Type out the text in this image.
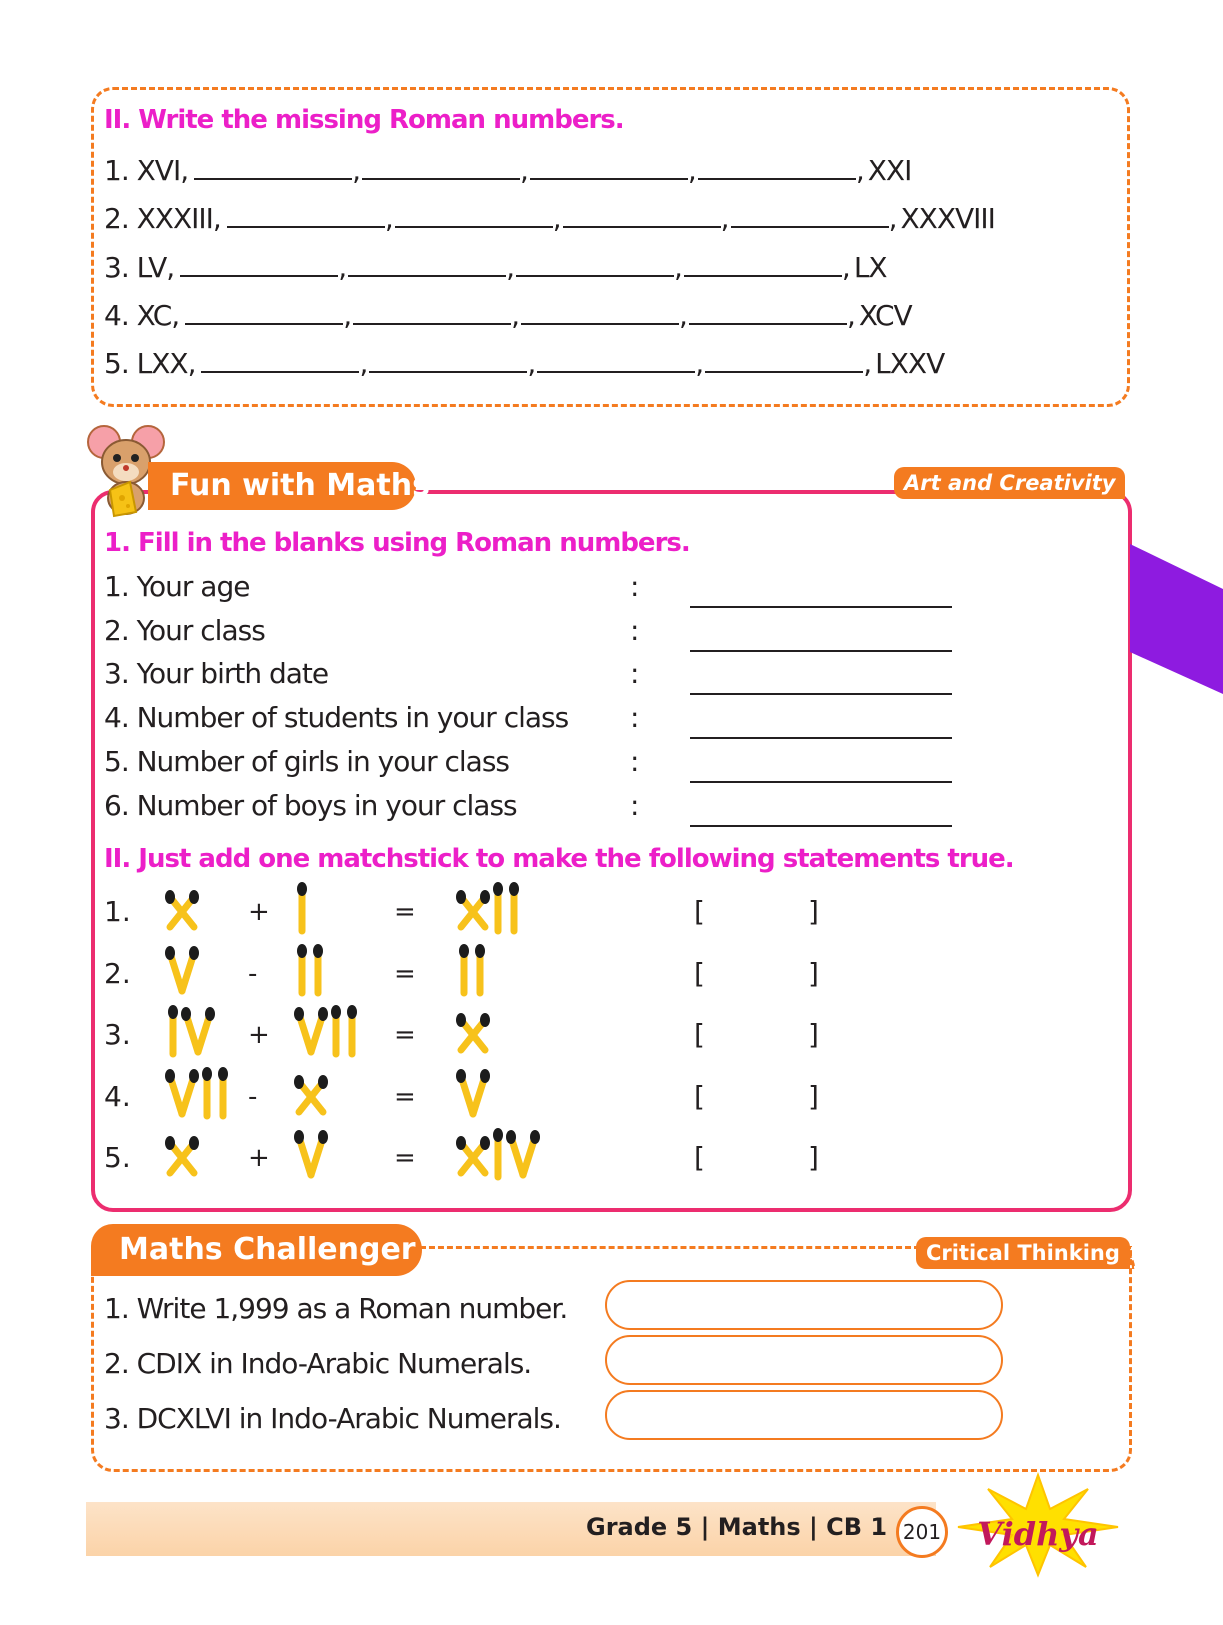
II. Write the missing Roman numbers.
1. XVI,	,	,	,	, XXI
2. XXXIII,	,	,	,	, XXXVIII
3. LV,	,	,	,	, LX
4. XC,	,	,	,	, XCV
5. LXX,	,	,	,	, LXXV
Fun with Maths	Art and Creativity
1. Fill in the blanks using Roman numbers.
1. Your age	:
2. Your class	:
3. Your birth date	:
4. Number of students in your class :
5. Number of girls in your class	:
6. Number of boys in your class	:
II. Just add one matchstick to make the following statements true.
1.	+	=	[	]
2.	-	=	[	]
3.	+	=	[	]
4.	-	=	[	]
5.	+	=	[	]
Maths Challenger	Critical Thinking
1. Write 1,999 as a Roman number.
2. CDIX in Indo-Arabic Numerals.
3. DCXLVI in Indo-Arabic Numerals.
Grade 5 | Maths | CB 1 201 Vidhya
